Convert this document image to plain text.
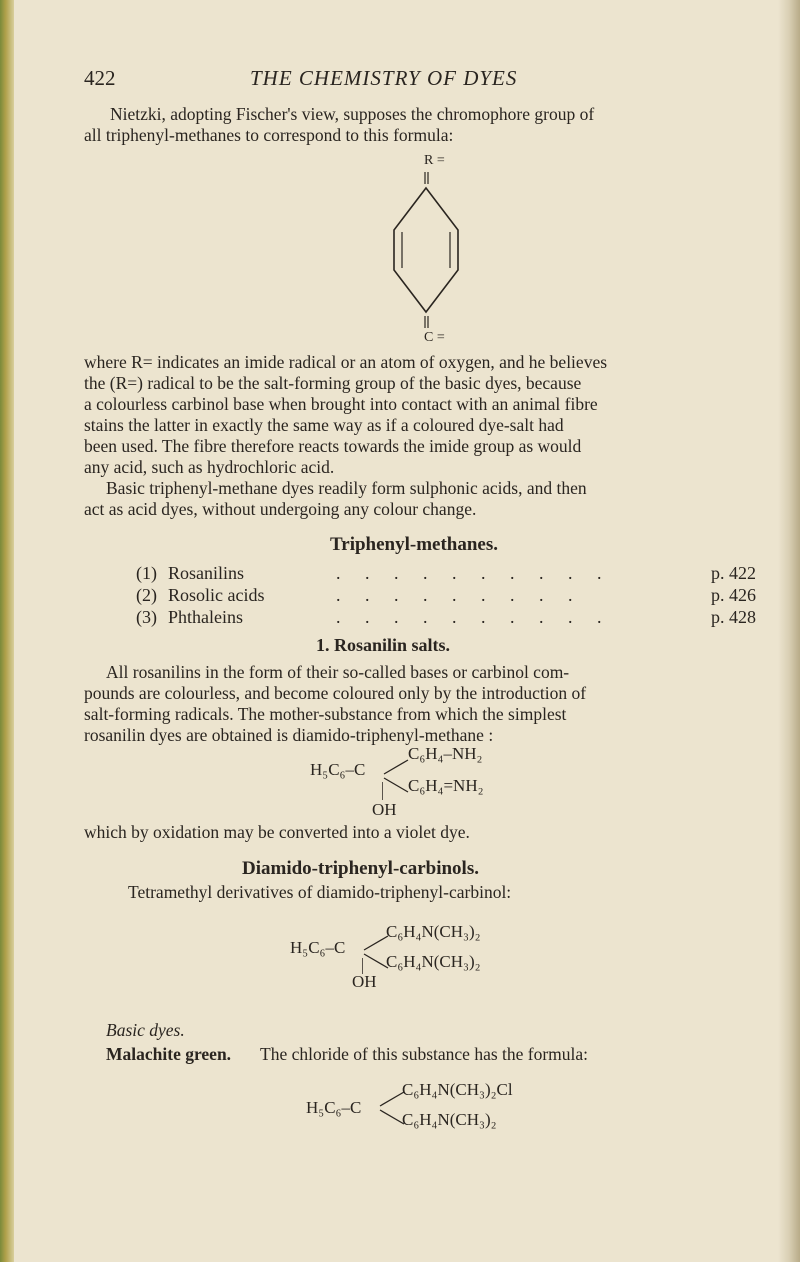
422	THE CHEMISTRY OF DYES
Nietzki, adopting Fischer's view, supposes the chromophore group of
all triphenyl-methanes to correspond to this formula:
R =
C =
where R= indicates an imide radical or an atom of oxygen, and he believes
the (R=) radical to be the salt-forming group of the basic dyes, because
a colourless carbinol base when brought into contact with an animal fibre
stains the latter in exactly the same way as if a coloured dye-salt had
been used. The fibre therefore reacts towards the imide group as would
any acid, such as hydrochloric acid.
Basic triphenyl-methane dyes readily form sulphonic acids, and then
act as acid dyes, without undergoing any colour change.
Triphenyl-methanes.
(1) Rosanilins	. . . . . . . . . .	p. 422
(2) Rosolic acids	. . . . . . . . .	p. 426
(3) Phthaleins	. . . . . . . . . .	p. 428
1. Rosanilin salts.
All rosanilins in the form of their so-called bases or carbinol com-
pounds are colourless, and become coloured only by the introduction of
salt-forming radicals. The mother-substance from which the simplest
rosanilin dyes are obtained is diamido-triphenyl-methane :
H₅C₆–C
C₆H₄–NH₂
C₆H₄=NH₂
OH
which by oxidation may be converted into a violet dye.
Diamido-triphenyl-carbinols.
Tetramethyl derivatives of diamido-triphenyl-carbinol:
H₅C₆–C
C₆H₄N(CH₃)₂
C₆H₄N(CH₃)₂
OH
Basic dyes.
Malachite green. The chloride of this substance has the formula:
H₅C₆–C
C₆H₄N(CH₃)₂Cl
C₆H₄N(CH₃)₂
